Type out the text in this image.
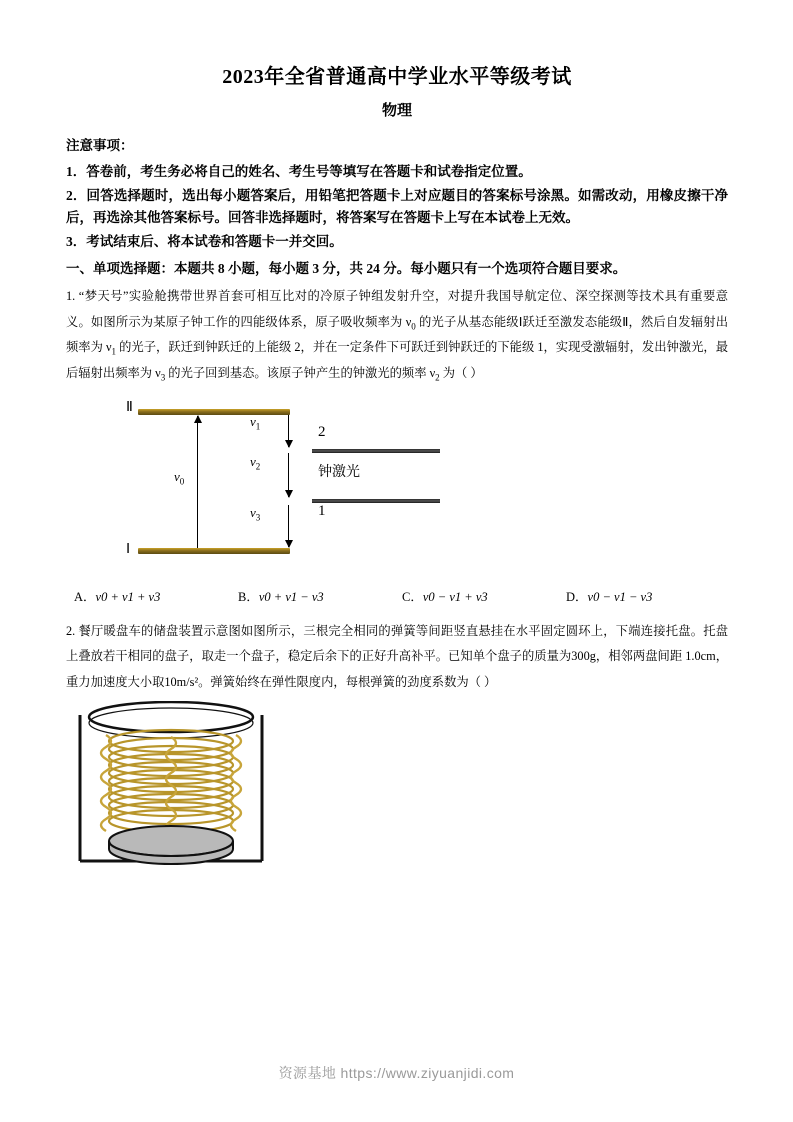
2023年全省普通高中学业水平等级考试
物理
注意事项：
1．答卷前，考生务必将自己的姓名、考生号等填写在答题卡和试卷指定位置。
2．回答选择题时，选出每小题答案后，用铅笔把答题卡上对应题目的答案标号涂黑。如需改动，用橡皮擦干净后，再选涂其他答案标号。回答非选择题时，将答案写在答题卡上写在本试卷上无效。
3．考试结束后、将本试卷和答题卡一并交回。
一、单项选择题：本题共 8 小题，每小题 3 分，共 24 分。每小题只有一个选项符合题目要求。
1. “梦天号”实验舱携带世界首套可相互比对的冷原子钟组发射升空，对提升我国导航定位、深空探测等技术具有重要意义。如图所示为某原子钟工作的四能级体系，原子吸收频率为 $\nu_0$ 的光子从基态能级Ⅰ跃迁至激发态能级Ⅱ，然后自发辐射出频率为 $\nu_1$ 的光子，跃迁到钟跃迁的上能级 2，并在一定条件下可跃迁到钟跃迁的下能级 1，实现受激辐射，发出钟激光，最后辐射出频率为 $\nu_3$ 的光子回到基态。该原子钟产生的钟激光的频率 $\nu_2$ 为（ ）
Ⅱ
Ⅰ
$\nu_0$
2
1
$\nu_1$
$\nu_2$
$\nu_3$
钟激光
A．ν0 + ν1 + ν3	B．ν0 + ν1 − ν3	C．ν0 − ν1 + ν3	D．ν0 − ν1 − ν3
2. 餐厅暖盘车的储盘装置示意图如图所示，三根完全相同的弹簧等间距竖直悬挂在水平固定圆环上，下端连接托盘。托盘上叠放若干相同的盘子，取走一个盘子，稳定后余下的正好升高补平。已知单个盘子的质量为300g，相邻两盘间距 1.0cm，重力加速度大小取10m/s²。弹簧始终在弹性限度内，每根弹簧的劲度系数为（ ）
资源基地 https://www.ziyuanjidi.com
